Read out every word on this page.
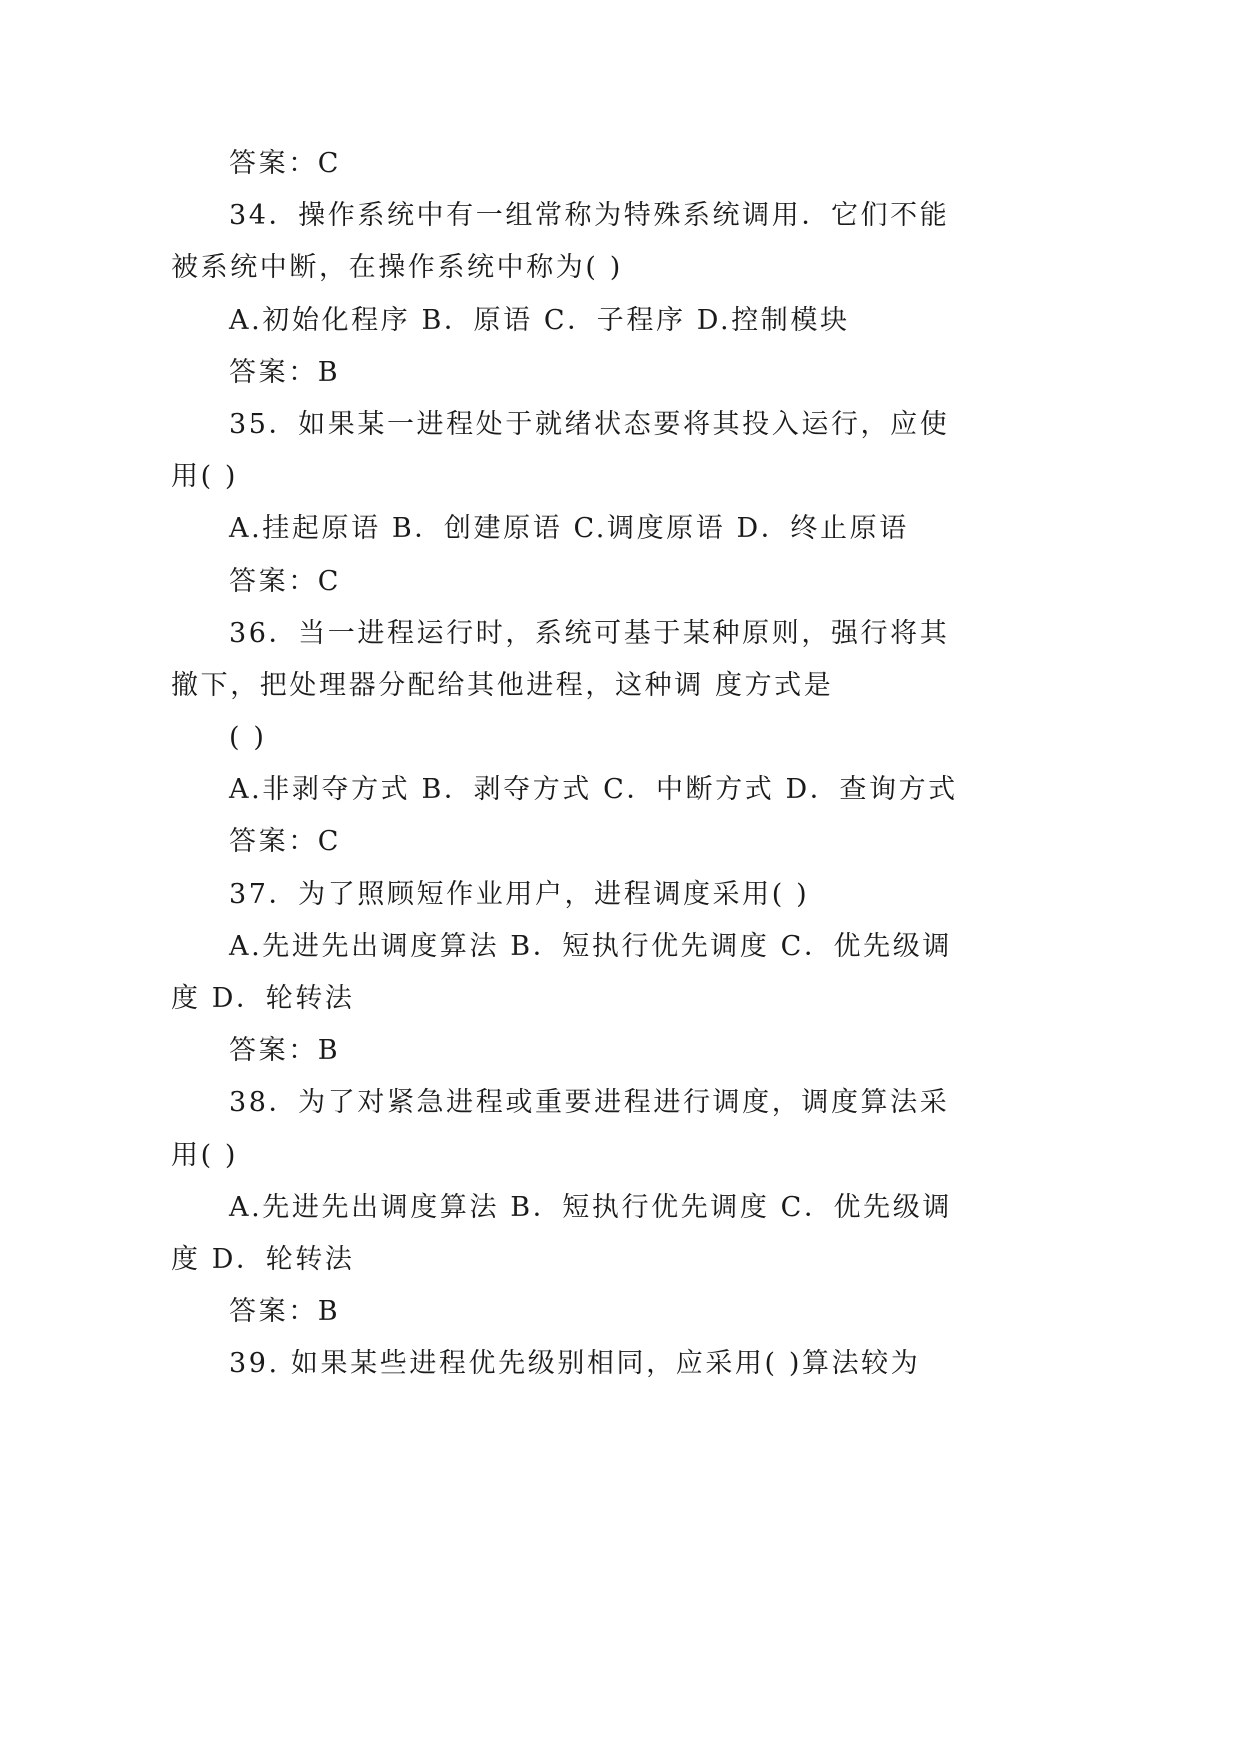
答案：C
34．操作系统中有一组常称为特殊系统调用．它们不能
被系统中断，在操作系统中称为( )
A.初始化程序 B．原语 C．子程序 D.控制模块
答案：B
35．如果某一进程处于就绪状态要将其投入运行，应使
用( )
A.挂起原语 B．创建原语 C.调度原语 D．终止原语
答案：C
36．当一进程运行时，系统可基于某种原则，强行将其
撤下，把处理器分配给其他进程，这种调 度方式是
( )
A.非剥夺方式 B．剥夺方式 C．中断方式 D．查询方式
答案：C
37．为了照顾短作业用户，进程调度采用( )
A.先进先出调度算法 B．短执行优先调度 C．优先级调
度 D．轮转法
答案：B
38．为了对紧急进程或重要进程进行调度，调度算法采
用( )
A.先进先出调度算法 B．短执行优先调度 C．优先级调
度 D．轮转法
答案：B
39. 如果某些进程优先级别相同，应采用( )算法较为
